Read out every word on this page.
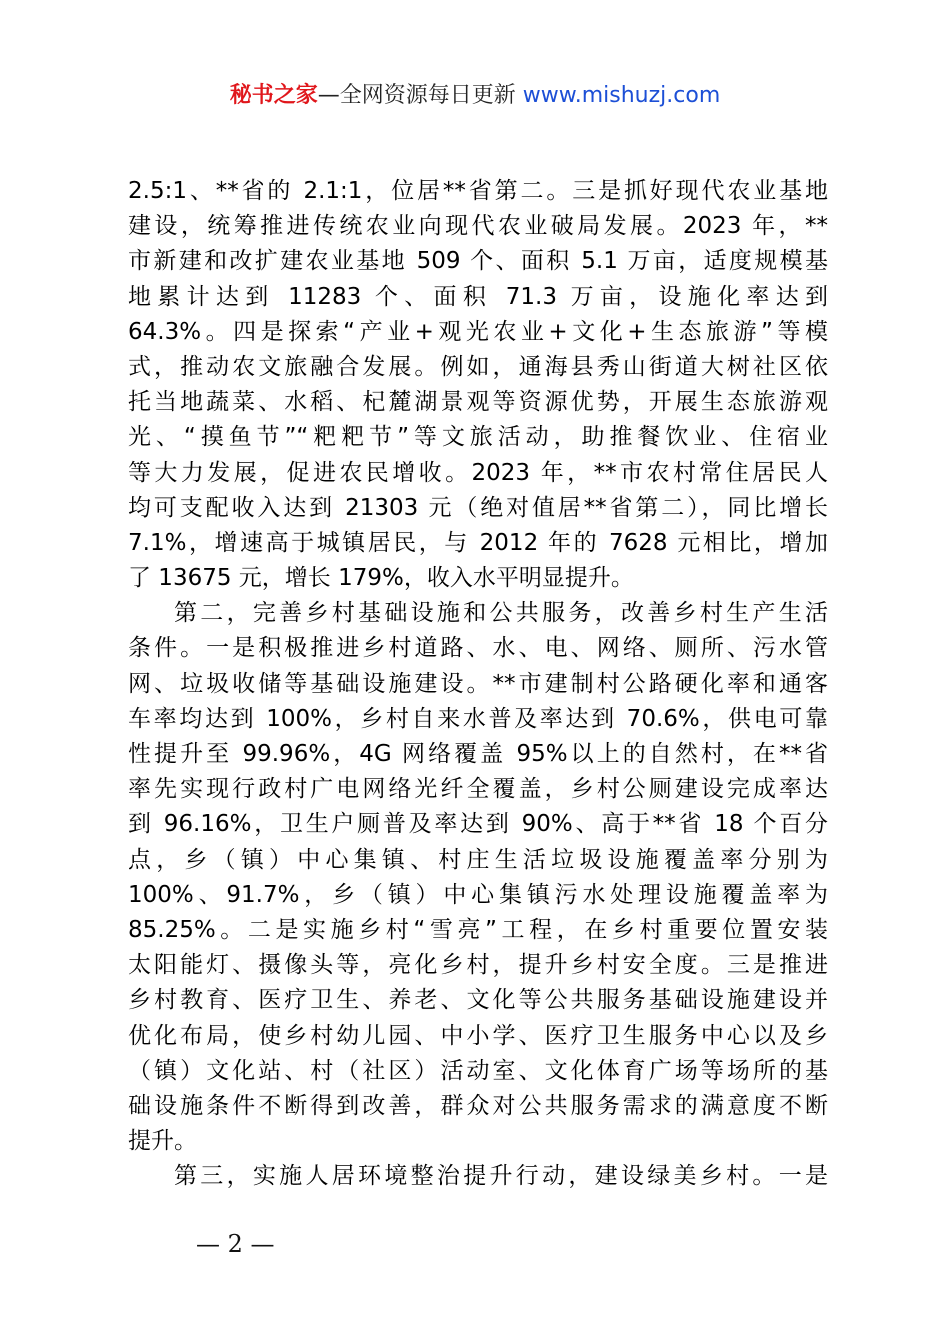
秘书之家—全网资源每日更新 www.mishuzj.com
2.5:1、**省的 2.1:1，位居**省第二。三是抓好现代农业基地
建设，统筹推进传统农业向现代农业破局发展。2023 年，**
市新建和改扩建农业基地 509 个、面积 5.1 万亩，适度规模基
地累计达到 11283 个、面积 71.3 万亩，设施化率达到
64.3%。四是探索“产业+观光农业+文化+生态旅游”等模
式，推动农文旅融合发展。例如，通海县秀山街道大树社区依
托当地蔬菜、水稻、杞麓湖景观等资源优势，开展生态旅游观
光、“摸鱼节”“粑粑节”等文旅活动，助推餐饮业、住宿业
等大力发展，促进农民增收。2023 年，**市农村常住居民人
均可支配收入达到 21303 元（绝对值居**省第二），同比增长
7.1%，增速高于城镇居民，与 2012 年的 7628 元相比，增加
了 13675 元，增长 179%，收入水平明显提升。
第二，完善乡村基础设施和公共服务，改善乡村生产生活
条件。一是积极推进乡村道路、水、电、网络、厕所、污水管
网、垃圾收储等基础设施建设。**市建制村公路硬化率和通客
车率均达到 100%，乡村自来水普及率达到 70.6%，供电可靠
性提升至 99.96%，4G 网络覆盖 95%以上的自然村，在**省
率先实现行政村广电网络光纤全覆盖，乡村公厕建设完成率达
到 96.16%，卫生户厕普及率达到 90%、高于**省 18 个百分
点，乡（镇）中心集镇、村庄生活垃圾设施覆盖率分别为
100%、91.7%，乡（镇）中心集镇污水处理设施覆盖率为
85.25%。二是实施乡村“雪亮”工程，在乡村重要位置安装
太阳能灯、摄像头等，亮化乡村，提升乡村安全度。三是推进
乡村教育、医疗卫生、养老、文化等公共服务基础设施建设并
优化布局，使乡村幼儿园、中小学、医疗卫生服务中心以及乡
（镇）文化站、村（社区）活动室、文化体育广场等场所的基
础设施条件不断得到改善，群众对公共服务需求的满意度不断
提升。
第三，实施人居环境整治提升行动，建设绿美乡村。一是
— 2 —
